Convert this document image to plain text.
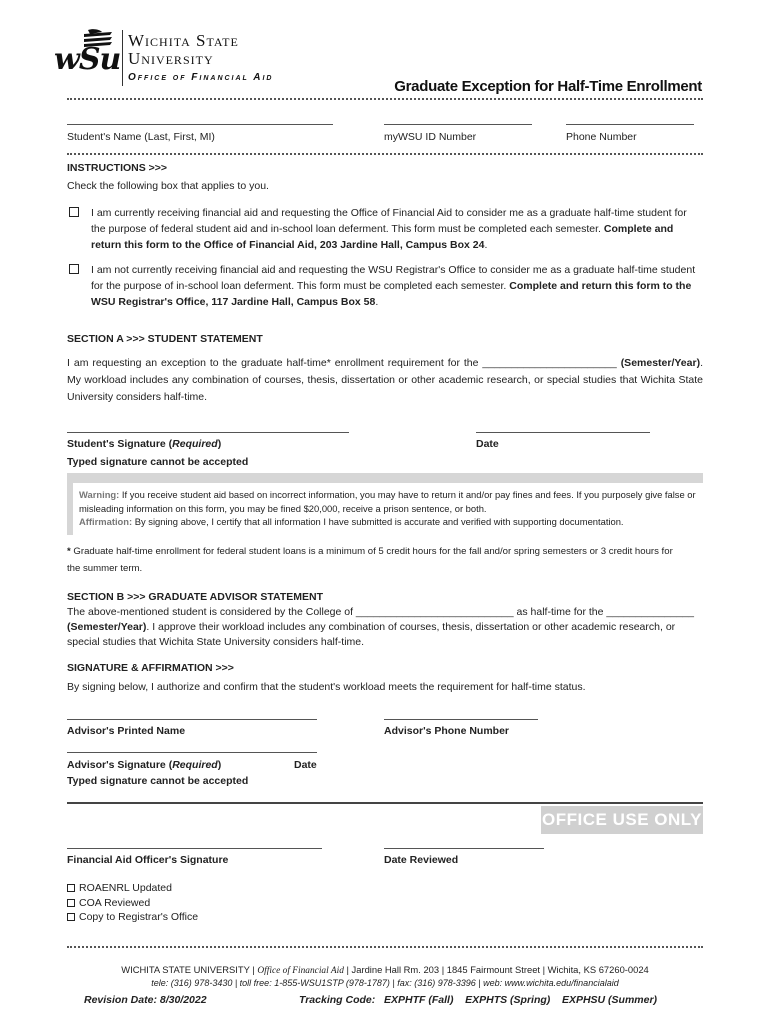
wSu
Wichita State
University
Office of Financial Aid
Graduate Exception for Half-Time Enrollment
Student's Name (Last, First, MI)	myWSU ID Number	Phone Number
INSTRUCTIONS >>>
Check the following box that applies to you.
I am currently receiving financial aid and requesting the Office of Financial Aid to consider me as a graduate half-time student for the purpose of federal student aid and in-school loan deferment. This form must be completed each semester. Complete and return this form to the Office of Financial Aid, 203 Jardine Hall, Campus Box 24.
I am not currently receiving financial aid and requesting the WSU Registrar's Office to consider me as a graduate half-time student for the purpose of in-school loan deferment. This form must be completed each semester. Complete and return this form to the WSU Registrar's Office, 117 Jardine Hall, Campus Box 58.
SECTION A >>> STUDENT STATEMENT
I am requesting an exception to the graduate half-time* enrollment requirement for the _______________________ (Semester/Year). My workload includes any combination of courses, thesis, dissertation or other academic research, or special studies that Wichita State University considers half-time.
Student's Signature (Required)	Date
Typed signature cannot be accepted
Warning: If you receive student aid based on incorrect information, you may have to return it and/or pay fines and fees. If you purposely give false or misleading information on this form, you may be fined $20,000, receive a prison sentence, or both.
Affirmation: By signing above, I certify that all information I have submitted is accurate and verified with supporting documentation.
* Graduate half-time enrollment for federal student loans is a minimum of 5 credit hours for the fall and/or spring semesters or 3 credit hours for the summer term.
SECTION B >>> GRADUATE ADVISOR STATEMENT
The above-mentioned student is considered by the College of ___________________________ as half-time for the _______________ (Semester/Year). I approve their workload includes any combination of courses, thesis, dissertation or other academic research, or special studies that Wichita State University considers half-time.
SIGNATURE & AFFIRMATION >>>
By signing below, I authorize and confirm that the student's workload meets the requirement for half-time status.
Advisor's Printed Name	Advisor's Phone Number
Advisor's Signature (Required)	Date
Typed signature cannot be accepted
OFFICE USE ONLY
Financial Aid Officer's Signature	Date Reviewed
ROAENRL Updated
COA Reviewed
Copy to Registrar's Office
WICHITA STATE UNIVERSITY | Office of Financial Aid | Jardine Hall Rm. 203 | 1845 Fairmount Street | Wichita, KS 67260-0024
tele: (316) 978-3430 | toll free: 1-855-WSU1STP (978-1787) | fax: (316) 978-3396 | web: www.wichita.edu/financialaid
Revision Date: 8/30/2022	Tracking Code: EXPHTF (Fall) EXPHTS (Spring) EXPHSU (Summer)
